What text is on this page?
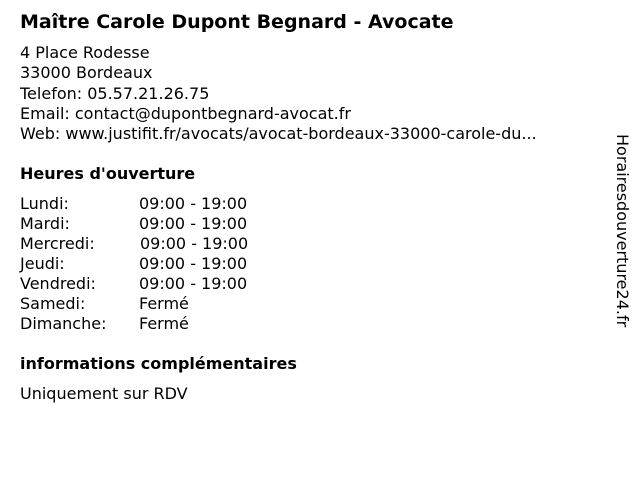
Maître Carole Dupont Begnard - Avocate
4 Place Rodesse
33000 Bordeaux
Telefon: 05.57.21.26.75
Email: contact@dupontbegnard-avocat.fr
Web: www.justifit.fr/avocats/avocat-bordeaux-33000-carole-du...
Heures d'ouverture
Lundi:	09:00 - 19:00
Mardi:	09:00 - 19:00
Mercredi:	09:00 - 19:00
Jeudi:	09:00 - 19:00
Vendredi:	09:00 - 19:00
Samedi:	Fermé
Dimanche: Fermé
informations complémentaires
Uniquement sur RDV
Horairesdouverture24.fr
